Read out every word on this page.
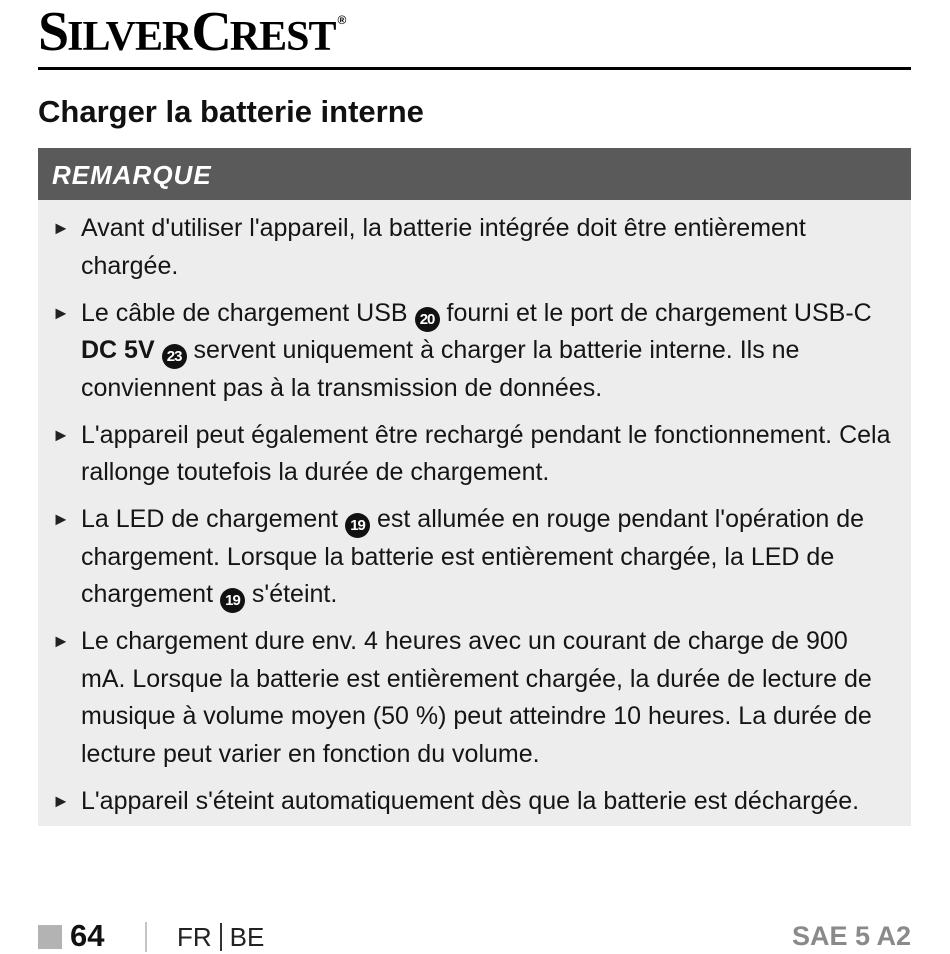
SILVERCREST ®
Charger la batterie interne
REMARQUE
► Avant d'utiliser l'appareil, la batterie intégrée doit être entièrement chargée.
► Le câble de chargement USB 20 fourni et le port de chargement USB-C DC 5V 23 servent uniquement à charger la batterie interne. Ils ne conviennent pas à la transmission de données.
► L'appareil peut également être rechargé pendant le fonctionnement. Cela rallonge toutefois la durée de chargement.
► La LED de chargement 19 est allumée en rouge pendant l'opération de chargement. Lorsque la batterie est entièrement chargée, la LED de chargement 19 s'éteint.
► Le chargement dure env. 4 heures avec un courant de charge de 900 mA. Lorsque la batterie est entièrement chargée, la durée de lecture de musique à volume moyen (50 %) peut atteindre 10 heures. La durée de lecture peut varier en fonction du volume.
► L'appareil s'éteint automatiquement dès que la batterie est déchargée.
64	FR BE	SAE 5 A2
